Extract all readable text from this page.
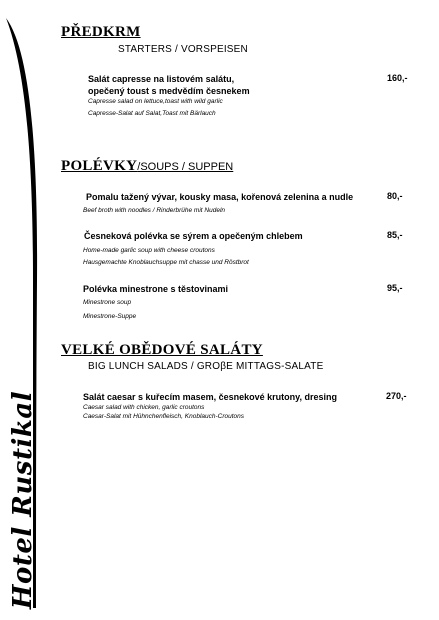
Hotel Rustikal
PŘEDKRM
STARTERS / VORSPEISEN
Salát capresse na listovém salátu,
opečený toust s medvědím česnekem
160,-
Capresse salad on lettuce,toast with wild garlic
Capresse-Salat auf Salat,Toast mit Bärlauch
POLÉVKY/SOUPS / SUPPEN
Pomalu tažený vývar, kousky masa, kořenová zelenina a nudle	80,-
Beef broth with noodles / Rinderbrühe mit Nudeln
Česneková polévka se sýrem a opečeným chlebem	85,-
Home-made garlic soup with cheese croutons
Hausgemachte Knoblauchsuppe mit chasse und Röstbrot
Polévka minestrone s těstovinami	95,-
Minestrone soup
Minestrone-Suppe
VELKÉ OBĚDOVÉ SALÁTY
BIG LUNCH SALADS / GROβE MITTAGS-SALATE
Salát caesar s kuřecím masem, česnekové krutony, dresing	270,-
Caesar salad with chicken, garlic croutons
Caesar-Salat mit Hühnchenfleisch, Knoblauch-Croutons
